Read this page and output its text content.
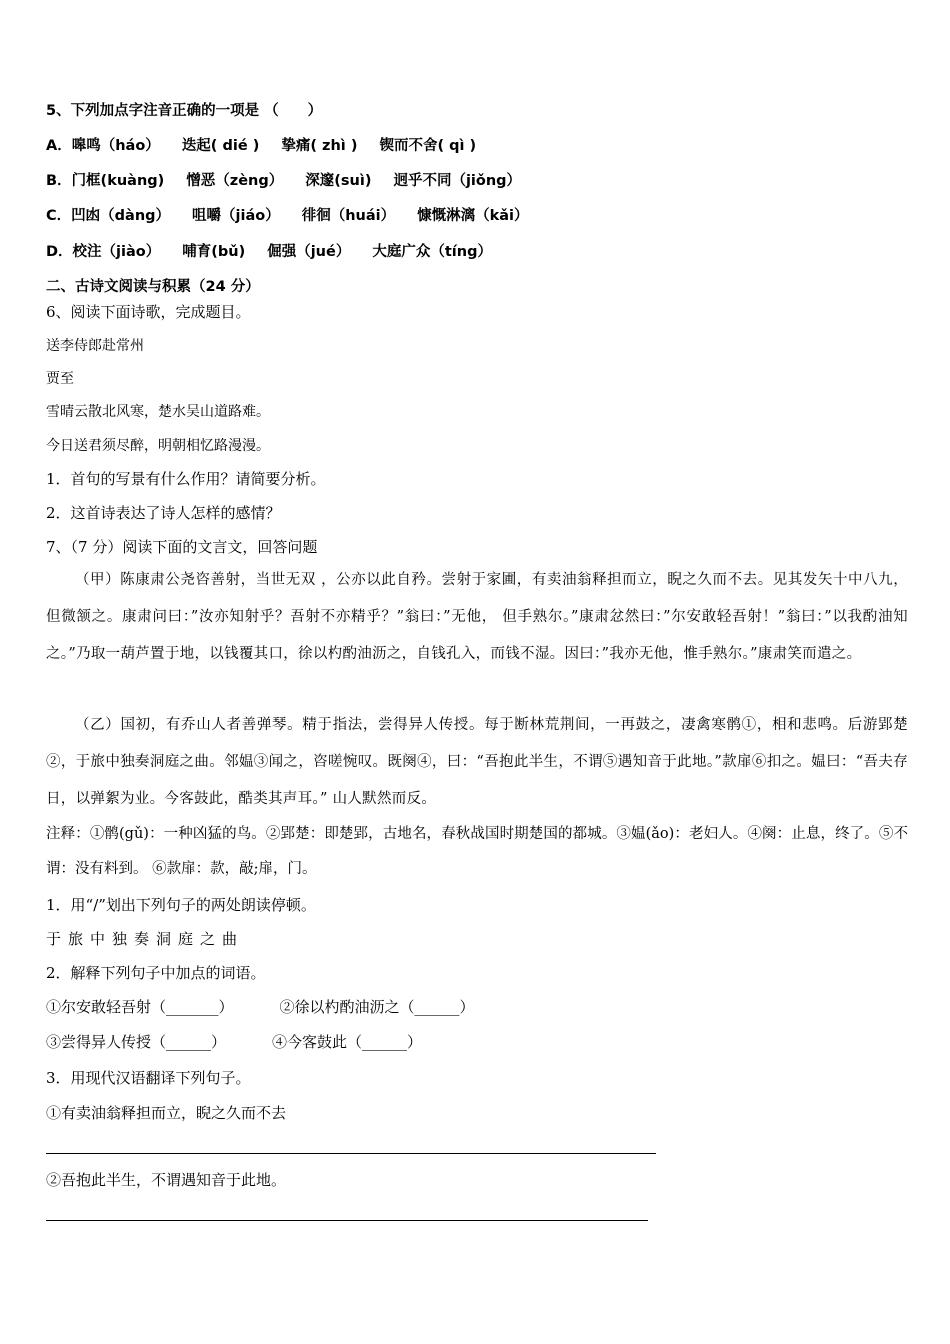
5、下列加点字注音正确的一项是 （　　）
A．嗥鸣（háo） 迭起( dié ) 挚痛( zhì ) 锲而不舍( qì )
B．门框(kuàng) 憎恶（zèng） 深邃(suì) 迥乎不同（jiǒng）
C．凹凼（dàng） 咀嚼（jiáo） 徘徊（huái） 慷慨淋漓（kǎi）
D．校注（jiào） 哺育(bǔ) 倔强（jué） 大庭广众（tíng）
二、古诗文阅读与积累（24 分）
6、阅读下面诗歌，完成题目。
送李侍郎赴常州
贾至
雪晴云散北风寒，楚水吴山道路难。
今日送君须尽醉，明朝相忆路漫漫。
1．首句的写景有什么作用？请简要分析。
2．这首诗表达了诗人怎样的感情？
7、（7 分）阅读下面的文言文，回答问题
（甲）陈康肃公尧咨善射，当世无双 ，公亦以此自矜。尝射于家圃，有卖油翁释担而立，睨之久而不去。见其发矢十中八九，但微颔之。康肃问曰：”汝亦知射乎？吾射不亦精乎？”翁曰：”无他， 但手熟尔。”康肃忿然曰：”尔安敢轻吾射！”翁曰：”以我酌油知之。”乃取一葫芦置于地，以钱覆其口，徐以杓酌油沥之，自钱孔入，而钱不湿。因曰：”我亦无他，惟手熟尔。”康肃笑而遣之。
（乙）国初，有乔山人者善弹琴。精于指法，尝得异人传授。每于断林荒荆间，一再鼓之，凄禽寒鹘①，相和悲鸣。后游郢楚②，于旅中独奏洞庭之曲。邻媪③闻之，咨嗟惋叹。既阕④，曰：“吾抱此半生，不谓⑤遇知音于此地。”款扉⑥扣之。媪曰：“吾夫存日，以弹絮为业。今客鼓此，酷类其声耳。” 山人默然而反。
注释：①鹘(gǔ)：一种凶猛的鸟。②郢楚：即楚郢，古地名，春秋战国时期楚国的都城。③媪(ǎo)：老妇人。④阕：止息，终了。⑤不谓：没有料到。 ⑥款扉：款，敲;扉，门。
1．用“/”划出下列句子的两处朗读停顿。
于旅中独奏洞庭之曲
2．解释下列句子中加点的词语。
①尔安敢轻吾射（_______）	②徐以杓酌油沥之（______）
③尝得异人传授（______）	④今客鼓此（______）
3．用现代汉语翻译下列句子。
①有卖油翁释担而立，睨之久而不去
②吾抱此半生，不谓遇知音于此地。
